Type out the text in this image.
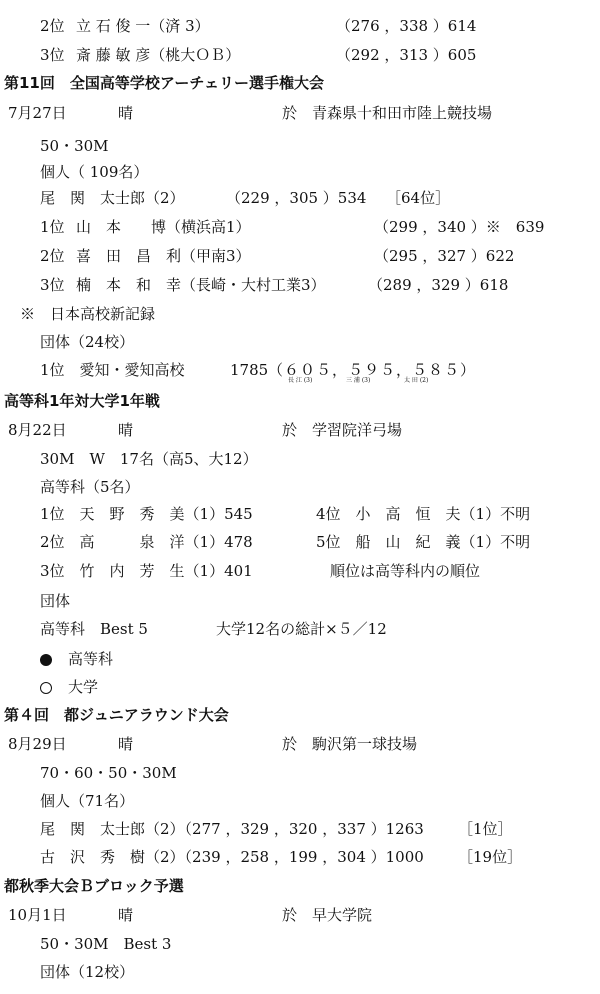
2位 立 石 俊 一（済 3）	（276 ，338 ）614
3位 斎 藤 敏 彦（桃大ＯＢ）	（292 ，313 ）605
第11回　全国高等学校アーチェリー選手権大会
7月27日	晴	於　青森県十和田市陸上競技場
50・30M
個人（ 109名）
尾　関　太士郎（2）	（229 ，305 ）534 ［64位］
1位 山　本　　博（横浜高1）	（299 ，340 ）※　639
2位 喜　田　昌　利（甲南3）	（295 ，327 ）622
3位 楠　本　和　幸（長崎・大村工業3）	（289 ，329 ）618
※　日本高校新記録
団体（24校）
1位　愛知・愛知高校	1785 （６０５，５９５，５８５）
長 江 (3)	三 浦 (3)	太 田 (2)
高等科1年対大学1年戦
8月22日	晴	於　学習院洋弓場
30M　W　17名（高5、大12）
高等科（5名）
1位　天　野　秀　美（1）545	4位　小　高　恒　夫（1）不明
2位　高　　　泉　洋（1）478	5位　船　山　紀　義（1）不明
3位　竹　内　芳　生（1）401	順位は高等科内の順位
団体
高等科　Best 5	大学12名の総計×５／12
高等科
大学
第４回　都ジュニアラウンド大会
8月29日	晴	於　駒沢第一球技場
70・60・50・30M
個人（71名）
尾　関　太士郎（2）（277 ，329 ，320 ，337 ）1263 ［1位］
古　沢　秀　樹（2）（239 ，258 ，199 ，304 ）1000 ［19位］
都秋季大会Ｂブロック予選
10月1日	晴	於　早大学院
50・30M　Best 3
団体（12校）
